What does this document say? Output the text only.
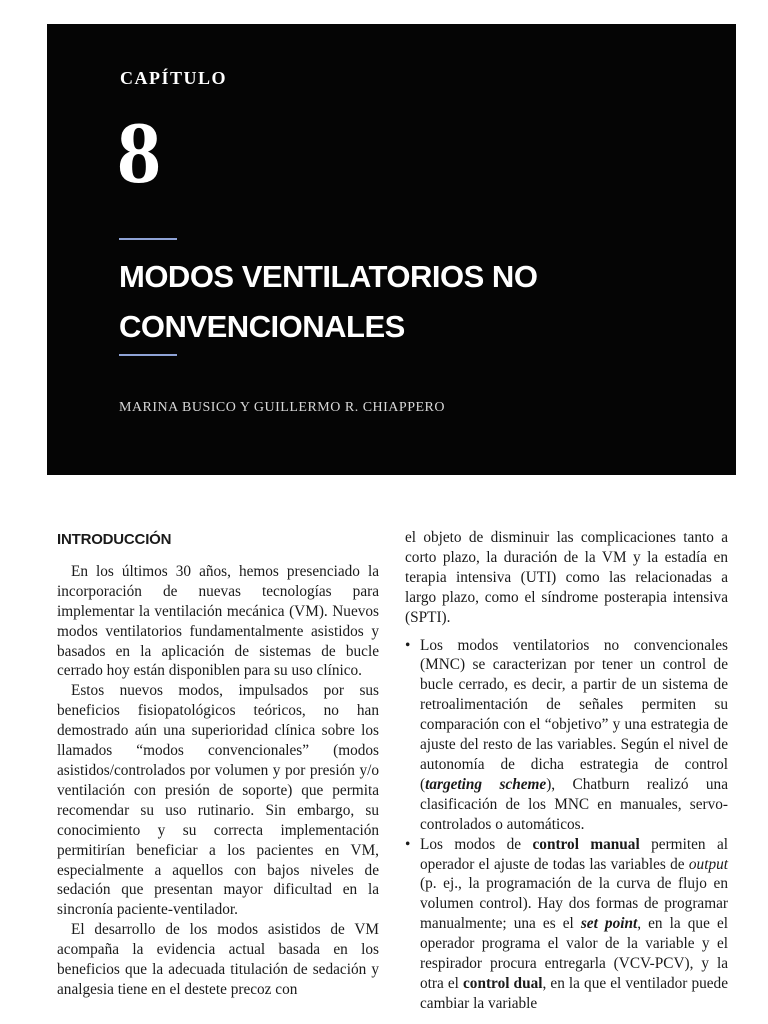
CAPÍTULO
8
MODOS VENTILATORIOS NO
CONVENCIONALES
MARINA BUSICO Y GUILLERMO R. CHIAPPERO
INTRODUCCIÓN

En los últimos 30 años, hemos presenciado la incorporación de nuevas tecnologías para implementar la ventilación mecánica (VM). Nuevos modos ventilatorios fundamentalmente asistidos y basados en la aplicación de sistemas de bucle cerrado hoy están disponiblen para su uso clínico.

Estos nuevos modos, impulsados por sus beneficios fisiopatológicos teóricos, no han demostrado aún una superioridad clínica sobre los llamados “modos convencionales” (modos asistidos/controlados por volumen y por presión y/o ventilación con presión de soporte) que permita recomendar su uso rutinario. Sin embargo, su conocimiento y su correcta implementación permitirían beneficiar a los pacientes en VM, especialmente a aquellos con bajos niveles de sedación que presentan mayor dificultad en la sincronía paciente-ventilador.

El desarrollo de los modos asistidos de VM acompaña la evidencia actual basada en los beneficios que la adecuada titulación de sedación y analgesia tiene en el destete precoz con

el objeto de disminuir las complicaciones tanto a corto plazo, la duración de la VM y la estadía en terapia intensiva (UTI) como las relacionadas a largo plazo, como el síndrome posterapia intensiva (SPTI).

• Los modos ventilatorios no convencionales (MNC) se caracterizan por tener un control de bucle cerrado, es decir, a partir de un sistema de retroalimentación de señales permiten su comparación con el “objetivo” y una estrategia de ajuste del resto de las variables. Según el nivel de autonomía de dicha estrategia de control (targeting scheme), Chatburn realizó una clasificación de los MNC en manuales, servo-controlados o automáticos.
• Los modos de control manual permiten al operador el ajuste de todas las variables de output (p. ej., la programación de la curva de flujo en volumen control). Hay dos formas de programar manualmente; una es el set point, en la que el operador programa el valor de la variable y el respirador procura entregarla (VCV-PCV), y la otra el control dual, en la que el ventilador puede cambiar la variable
